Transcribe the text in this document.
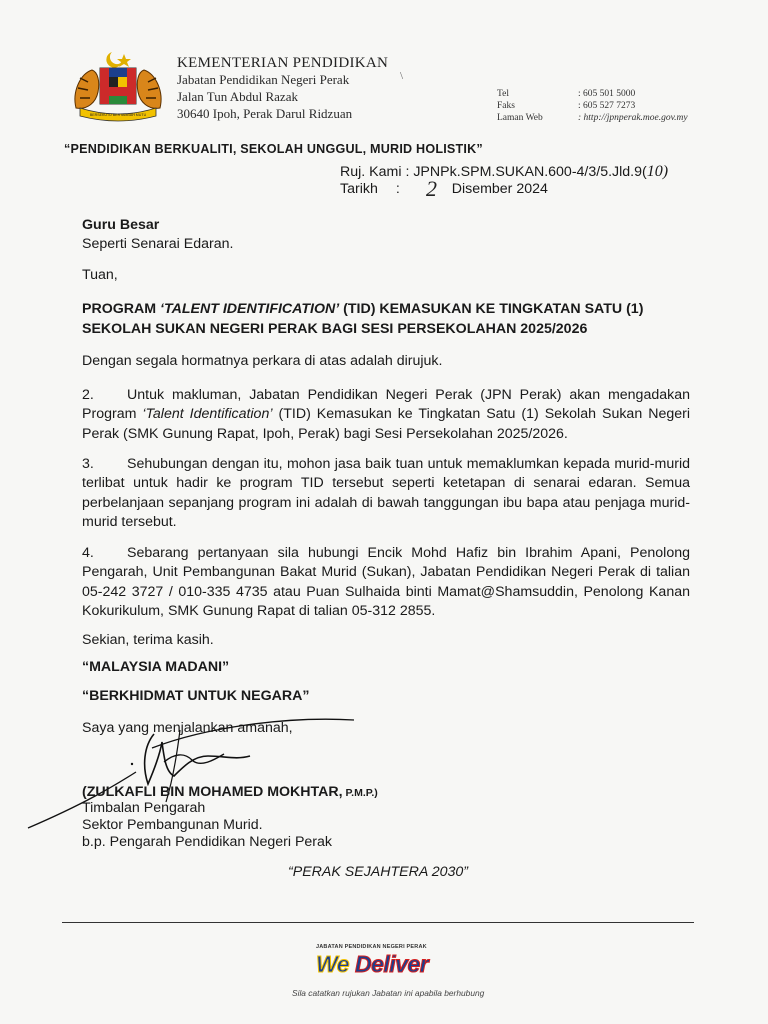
BERSEKUTU BERTAMBAH MUTU
KEMENTERIAN PENDIDIKAN
Jabatan Pendidikan Negeri Perak
Jalan Tun Abdul Razak
30640 Ipoh, Perak Darul Ridzuan
\
Tel	: 605 501 5000
Faks	: 605 527 7273
Laman Web	: http://jpnperak.moe.gov.my
“PENDIDIKAN BERKUALITI, SEKOLAH UNGGUL, MURID HOLISTIK”
Ruj. Kami : JPNPk.SPM.SUKAN.600-4/3/5.Jld.9(10)
Tarikh :	Disember 2024
2
Guru Besar
Seperti Senarai Edaran.
Tuan,
PROGRAM ‘TALENT IDENTIFICATION’ (TID) KEMASUKAN KE TINGKATAN SATU (1) SEKOLAH SUKAN NEGERI PERAK BAGI SESI PERSEKOLAHAN 2025/2026
Dengan segala hormatnya perkara di atas adalah dirujuk.
2. Untuk makluman, Jabatan Pendidikan Negeri Perak (JPN Perak) akan mengadakan Program ‘Talent Identification’ (TID) Kemasukan ke Tingkatan Satu (1) Sekolah Sukan Negeri Perak (SMK Gunung Rapat, Ipoh, Perak) bagi Sesi Persekolahan 2025/2026.
3. Sehubungan dengan itu, mohon jasa baik tuan untuk memaklumkan kepada murid-murid terlibat untuk hadir ke program TID tersebut seperti ketetapan di senarai edaran. Semua perbelanjaan sepanjang program ini adalah di bawah tanggungan ibu bapa atau penjaga murid-murid tersebut.
4. Sebarang pertanyaan sila hubungi Encik Mohd Hafiz bin Ibrahim Apani, Penolong Pengarah, Unit Pembangunan Bakat Murid (Sukan), Jabatan Pendidikan Negeri Perak di talian 05-242 3727 / 010-335 4735 atau Puan Sulhaida binti Mamat@Shamsuddin, Penolong Kanan Kokurikulum, SMK Gunung Rapat di talian 05-312 2855.
Sekian, terima kasih.
“MALAYSIA MADANI”
“BERKHIDMAT UNTUK NEGARA”
Saya yang menjalankan amanah,
(ZULKAFLI BIN MOHAMED MOKHTAR, P.M.P.)
Timbalan Pengarah
Sektor Pembangunan Murid.
b.p. Pengarah Pendidikan Negeri Perak
“PERAK SEJAHTERA 2030”
JABATAN PENDIDIKAN NEGERI PERAK
We Deliver
Sila catatkan rujukan Jabatan ini apabila berhubung
